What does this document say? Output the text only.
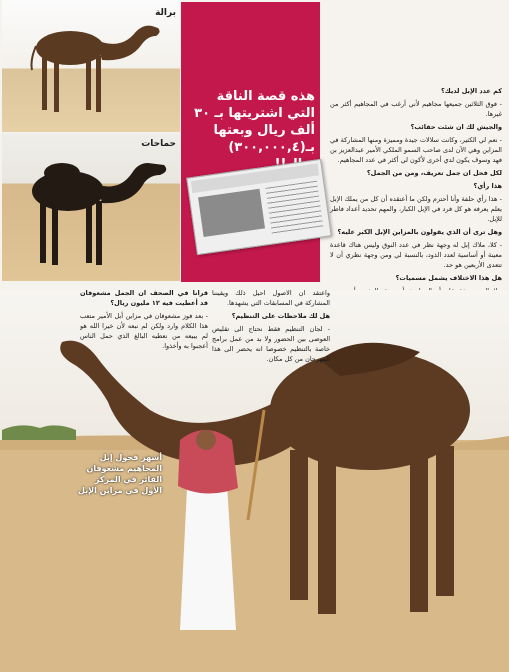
برالة
حماحات
هذه قصة الناقة التي اشتريتها بـ ٣٠ ألف ريال وبعتها بـ(٣٠٠,٠٠٠,٤)

كم عدد الإبل لديك؟

- فوق الثلاثين جميعها مجاهيم لأني أرغب في المجاهيم أكثر من غيرها.

والجيش لك ان شئت حقائب؟

- نعم لي الكثير، وكانت سلالات جيدة ومميزة ومنها المشاركة في المزاين وهي الآن لدى صاحب السمو الملكي الأمير عبدالعزيز بن فهد وسوف يكون لدي أخرى لأكون لي أكثر في عدد المجاهيم.

لكل فحل ان جمل تعريف، ومن من الجمل؟

هذا رأي؟

- هذا رأي حلفة وأنا أحترم ولكن ما أعتقده أن كل من يملك الإبل يعلم يعرفه هو كل فرد في الإبل الكبار، والمهم تحديد أعداد فاطر للإبل.

وهل ترى أن الذي يقولون بالمزاين الإبل الكبر عليه؟

- كلا، ملاك إبل له وجهة نظر في عدد النوق وليس هناك قاعدة معينة أو أساسية لعدد الذود، بالنسبة لي ومن وجهة نظري أن لا تتعدى الأربعين هو حد.

هل هذا الاختلاف يشمل مسميات؟

واعتقد ان الأصول أحيل ذلك ويقيننا المشاركة في المسابقات التي يشهدها.

هل لك ملاحظات على التنظيم؟

- لجان التنظيم فقط نحتاج الى تقليص العوضى بين الحضور ولا بد من عمل برامج خاصة بالتنظيم خصوصا انه يحضر الى هذا المهرجان من كل مكان.

قرأنا في الصحف ان الجمل مشعوفان قد أعطيت فيه ١٢ مليون ريال؟

- بعد فوز مشعوفان في مزاين أبل الأمير متعب هذا الكلام وارد ولكن لم نبعه لأن خيرا الله هو لم يبيعه من نعطيه البالغ الذي حمل الناس أعجبوا به وأخذوا.

أشهر فحول إبل المجاهيم مشعوفان الفائز في المركز الأول في مزاين الإبل
